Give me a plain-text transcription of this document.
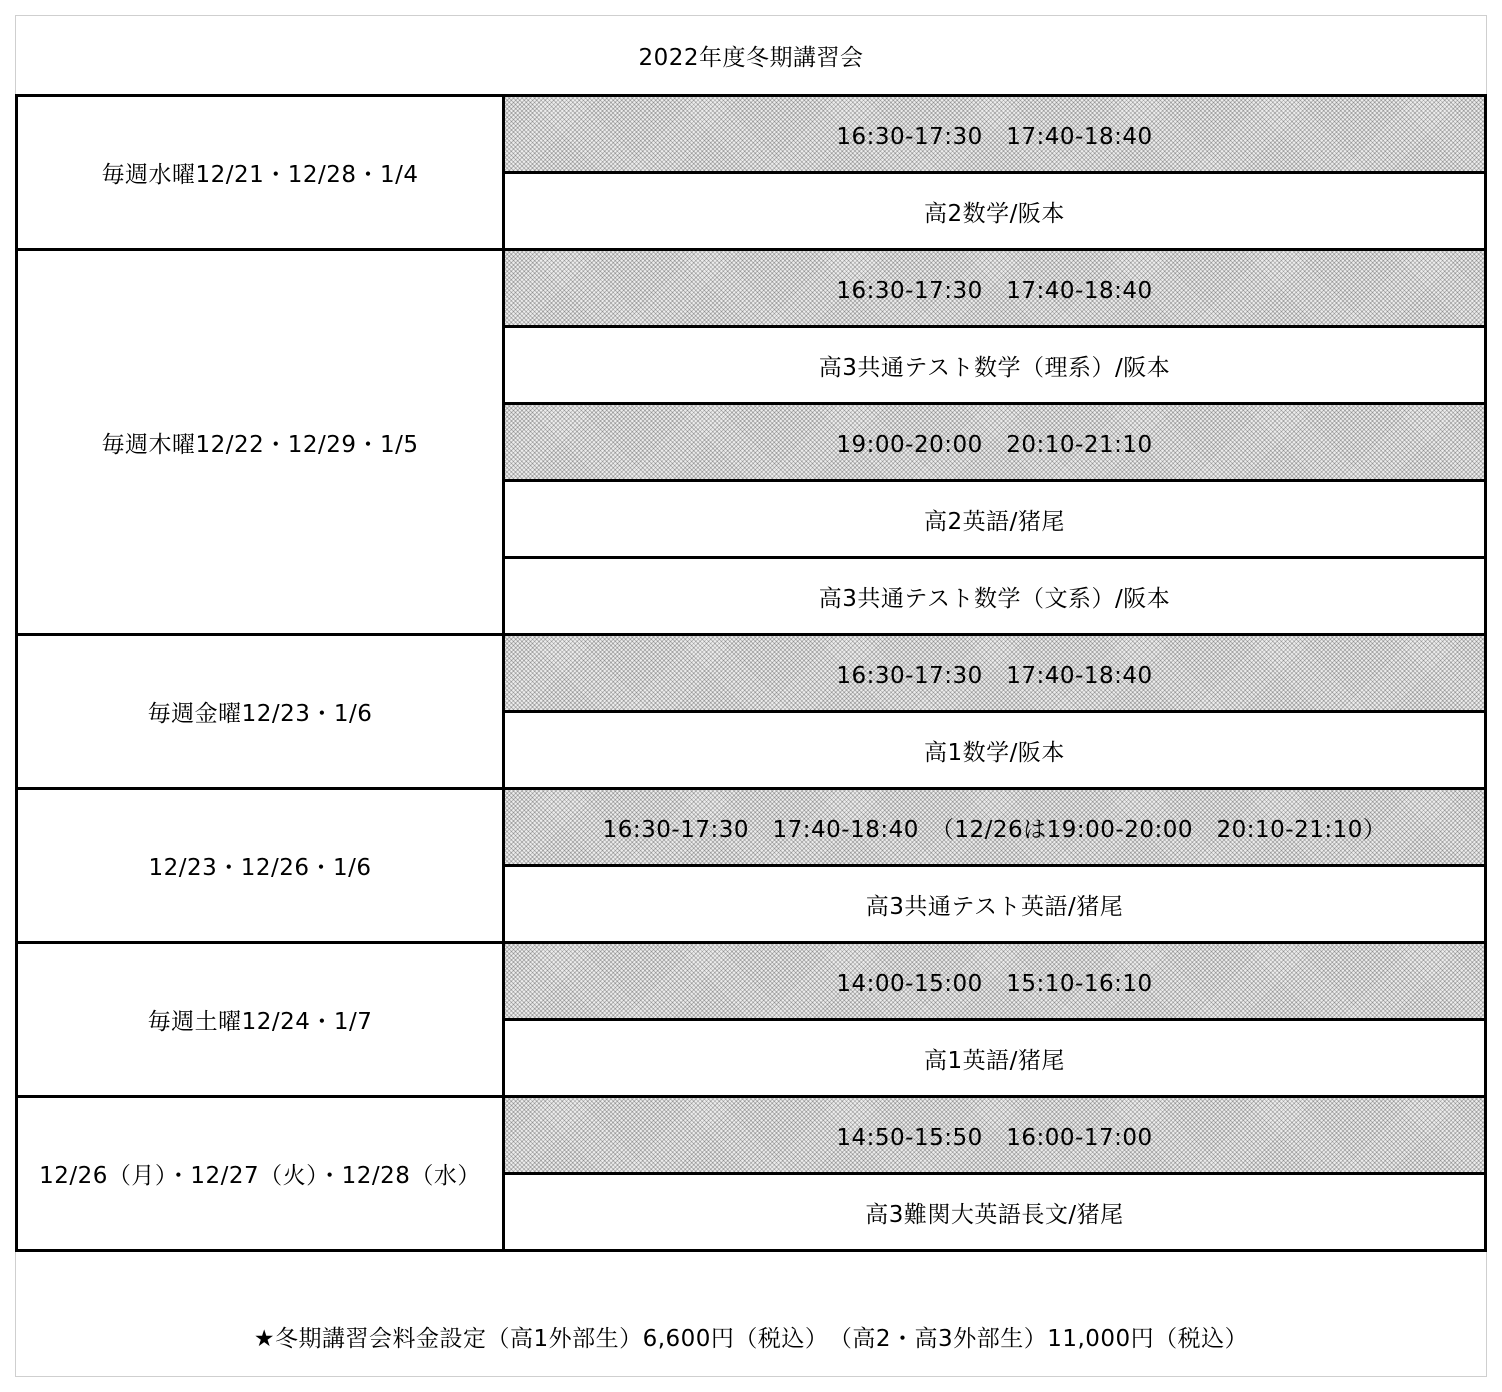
2022年度冬期講習会
毎週水曜12/21・12/28・1/4	16:30-17:30　17:40-18:40
	高2数学/阪本
毎週木曜12/22・12/29・1/5	16:30-17:30　17:40-18:40
	高3共通テスト数学（理系）/阪本
	19:00-20:00　20:10-21:10
	高2英語/猪尾
	高3共通テスト数学（文系）/阪本
毎週金曜12/23・1/6	16:30-17:30　17:40-18:40
	高1数学/阪本
12/23・12/26・1/6	16:30-17:30　17:40-18:40　（12/26は19:00-20:00　20:10-21:10）
	高3共通テスト英語/猪尾
毎週土曜12/24・1/7	14:00-15:00　15:10-16:10
	高1英語/猪尾
12/26（月）・12/27（火）・12/28（水）	14:50-15:50　16:00-17:00
	高3難関大英語長文/猪尾
★冬期講習会料金設定（高1外部生）6,600円（税込）　（高2・高3外部生）11,000円（税込）
